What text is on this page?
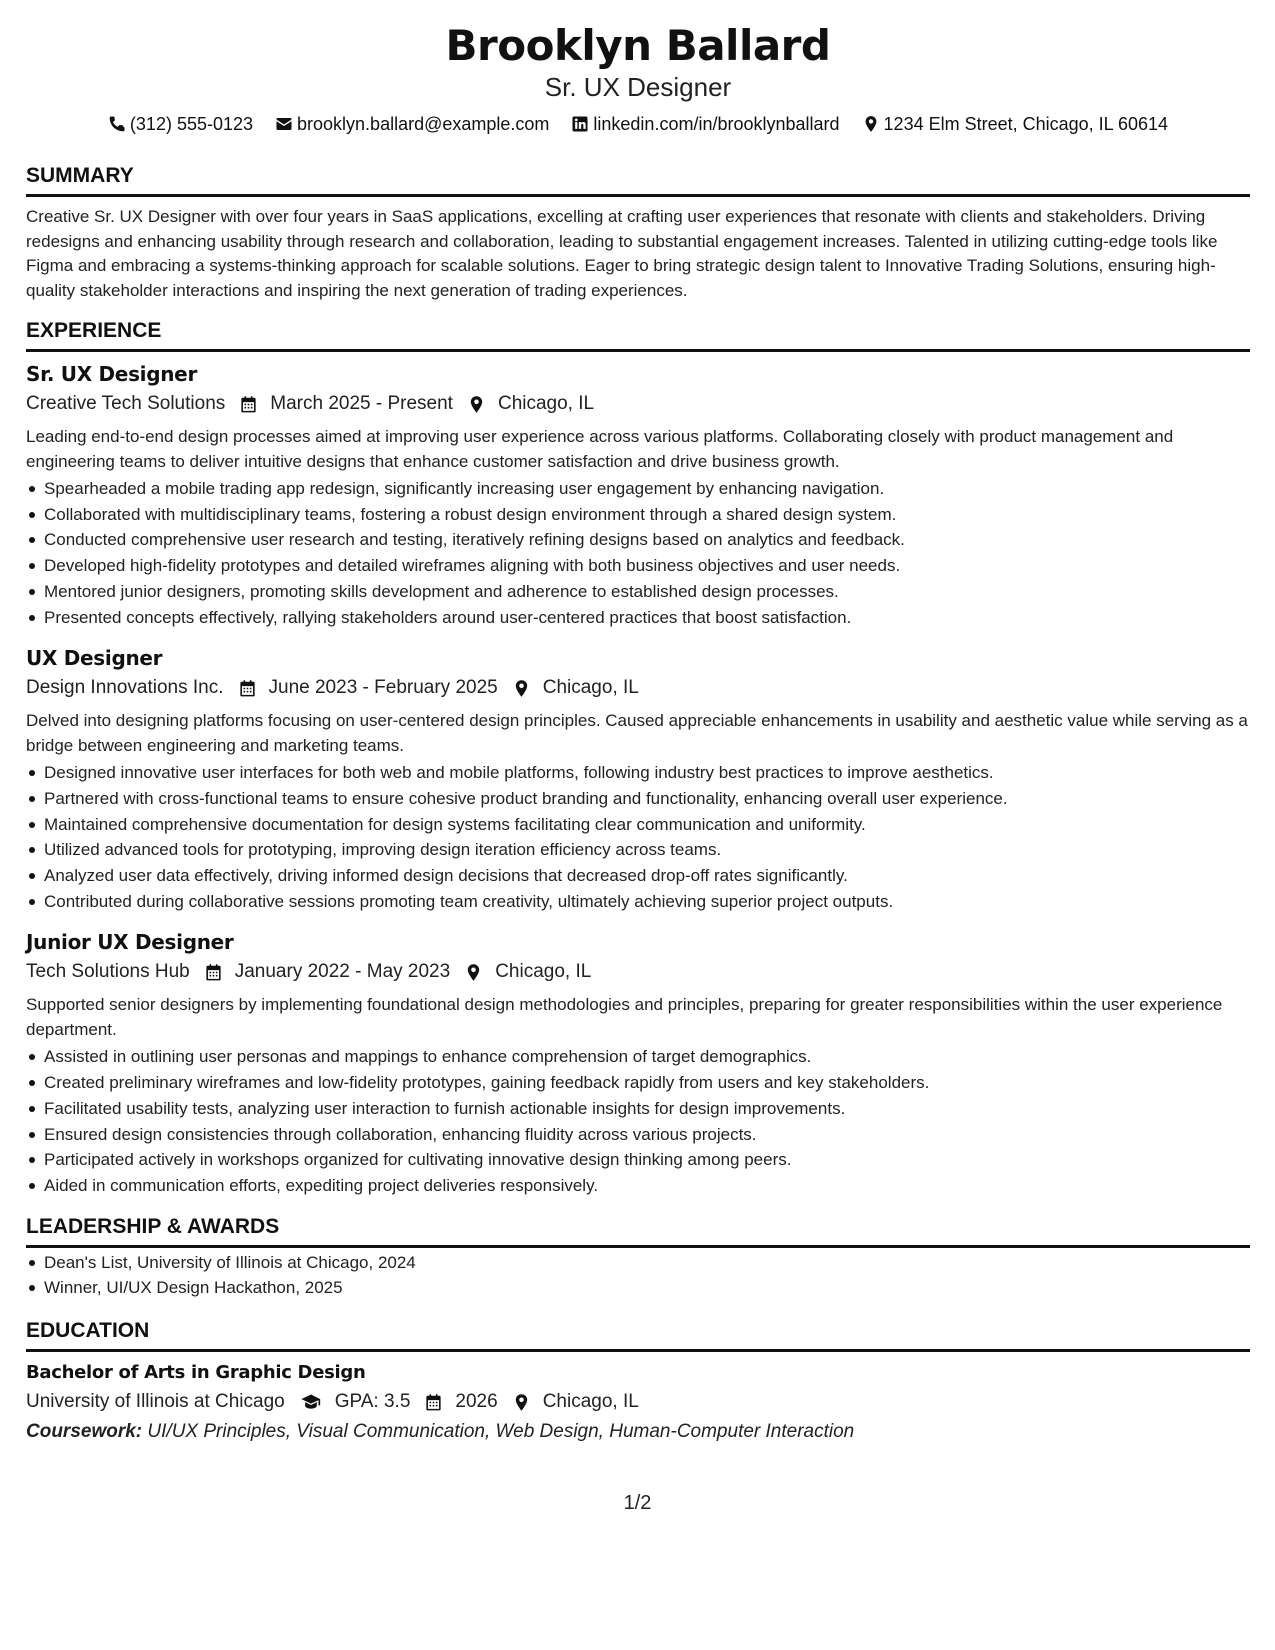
Brooklyn Ballard
Sr. UX Designer
(312) 555-0123 brooklyn.ballard@example.com linkedin.com/in/brooklynballard 1234 Elm Street, Chicago, IL 60614
SUMMARY
Creative Sr. UX Designer with over four years in SaaS applications, excelling at crafting user experiences that resonate with clients and stakeholders. Driving redesigns and enhancing usability through research and collaboration, leading to substantial engagement increases. Talented in utilizing cutting-edge tools like Figma and embracing a systems-thinking approach for scalable solutions. Eager to bring strategic design talent to Innovative Trading Solutions, ensuring high-quality stakeholder interactions and inspiring the next generation of trading experiences.
EXPERIENCE
Sr. UX Designer
Creative Tech Solutions March 2025 - Present Chicago, IL
Leading end-to-end design processes aimed at improving user experience across various platforms. Collaborating closely with product management and engineering teams to deliver intuitive designs that enhance customer satisfaction and drive business growth.
Spearheaded a mobile trading app redesign, significantly increasing user engagement by enhancing navigation.
Collaborated with multidisciplinary teams, fostering a robust design environment through a shared design system.
Conducted comprehensive user research and testing, iteratively refining designs based on analytics and feedback.
Developed high-fidelity prototypes and detailed wireframes aligning with both business objectives and user needs.
Mentored junior designers, promoting skills development and adherence to established design processes.
Presented concepts effectively, rallying stakeholders around user-centered practices that boost satisfaction.
UX Designer
Design Innovations Inc. June 2023 - February 2025 Chicago, IL
Delved into designing platforms focusing on user-centered design principles. Caused appreciable enhancements in usability and aesthetic value while serving as a bridge between engineering and marketing teams.
Designed innovative user interfaces for both web and mobile platforms, following industry best practices to improve aesthetics.
Partnered with cross-functional teams to ensure cohesive product branding and functionality, enhancing overall user experience.
Maintained comprehensive documentation for design systems facilitating clear communication and uniformity.
Utilized advanced tools for prototyping, improving design iteration efficiency across teams.
Analyzed user data effectively, driving informed design decisions that decreased drop-off rates significantly.
Contributed during collaborative sessions promoting team creativity, ultimately achieving superior project outputs.
Junior UX Designer
Tech Solutions Hub January 2022 - May 2023 Chicago, IL
Supported senior designers by implementing foundational design methodologies and principles, preparing for greater responsibilities within the user experience department.
Assisted in outlining user personas and mappings to enhance comprehension of target demographics.
Created preliminary wireframes and low-fidelity prototypes, gaining feedback rapidly from users and key stakeholders.
Facilitated usability tests, analyzing user interaction to furnish actionable insights for design improvements.
Ensured design consistencies through collaboration, enhancing fluidity across various projects.
Participated actively in workshops organized for cultivating innovative design thinking among peers.
Aided in communication efforts, expediting project deliveries responsively.
LEADERSHIP & AWARDS
Dean's List, University of Illinois at Chicago, 2024
Winner, UI/UX Design Hackathon, 2025
EDUCATION
Bachelor of Arts in Graphic Design
University of Illinois at Chicago	GPA: 3.5 2026 Chicago, IL
Coursework: UI/UX Principles, Visual Communication, Web Design, Human-Computer Interaction
1/2
